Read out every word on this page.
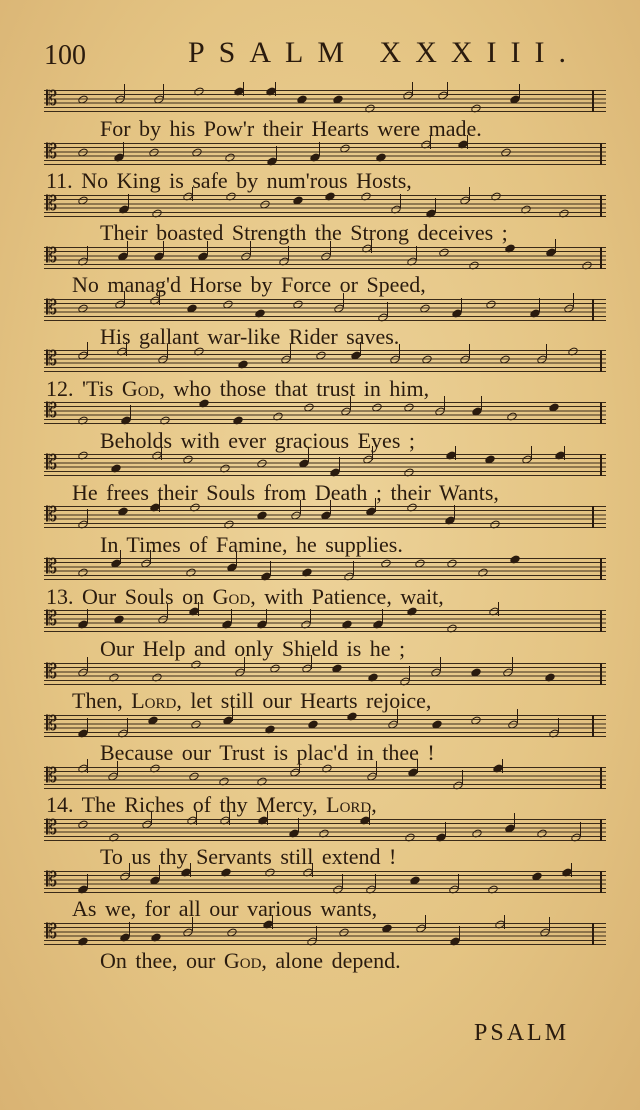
100	PSALM XXXIII.
𝄡
𝄡
𝄡
𝄡
𝄡
𝄡
𝄡
𝄡
𝄡
𝄡
𝄡
𝄡
𝄡
𝄡
𝄡
𝄡
𝄡
For by his Pow'r their Hearts were made.
11. No King is safe by num'rous Hosts,
Their boasted Strength the Strong deceives ;
No manag'd Horse by Force or Speed,
His gallant war-like Rider saves.
12. 'Tis God, who those that trust in him,
Beholds with ever gracious Eyes ;
He frees their Souls from Death ; their Wants,
In Times of Famine, he supplies.
13. Our Souls on God, with Patience, wait,
Our Help and only Shield is he ;
Then, Lord, let still our Hearts rejoice,
Because our Trust is plac'd in thee !
14. The Riches of thy Mercy, Lord,
To us thy Servants still extend !
As we, for all our various wants,
On thee, our God, alone depend.
PSALM
